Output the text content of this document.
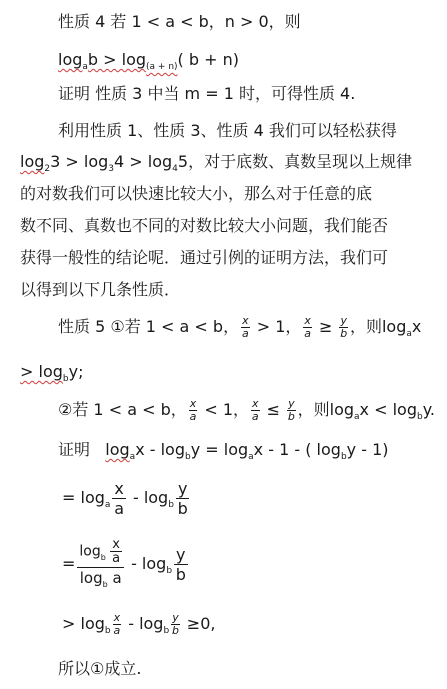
性质 4 若 1 < a < b，n > 0，则
$\log_ab > \log_{(a + n)}$( b + n)
证明 性质 3 中当 m = 1 时，可得性质 4.
利用性质 1、性质 3、性质 4 我们可以轻松获得
$\log_23 > \log_34 > \log_45$，对于底数、真数呈现以上规律
的对数我们可以快速比较大小，那么对于任意的底
数不同、真数也不同的对数比较大小问题，我们能否
获得一般性的结论呢．通过引例的证明方法，我们可
以得到以下几条性质．
性质 5 ①若 1 < a < b， $\frac{x}{a} > 1$， $\frac{x}{a} \ge \frac{y}{b}$ ，则$\log_ax$
> $\log_by$;
②若 1 < a < b， $\frac{x}{a} < 1$， $\frac{x}{a} \le \frac{y}{b}$ ，则$\log_ax < \log_by$.
证明 $\log_ax - \log_by = \log_ax - 1$ - ( $\log_by - 1$)
= $\log_a \frac{x}{a} - \log_b \frac{y}{b}$
= $\frac{\log_b \frac{x}{a}}{\log_b a} - \log_b \frac{y}{b}$
> $\log_b \frac{x}{a} - \log_b \frac{y}{b} \ge 0$,
所以①成立.
